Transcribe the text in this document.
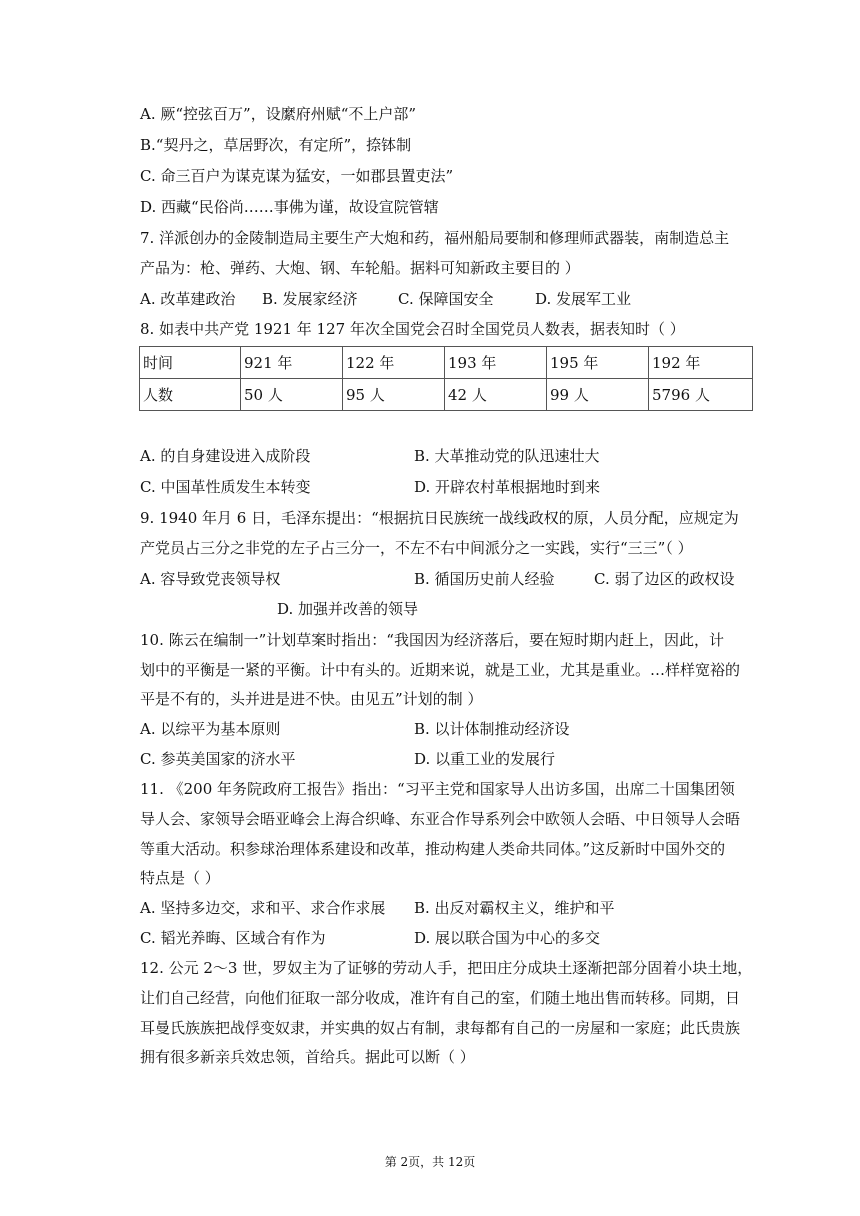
A. 厥“控弦百万”，设縻府州赋“不上户部”
B.“契丹之，草居野次，有定所”，捺钵制
C. 命三百户为谋克谋为猛安，一如郡县置吏法”
D. 西藏“民俗尚……事佛为谨，故设宣院管辖
7. 洋派创办的金陵制造局主要生产大炮和药，福州船局要制和修理师武器装，南制造总主
产品为：枪、弹药、大炮、钢、车轮船。据料可知新政主要目的 ）
A. 改革建政治 B. 发展家经济	C. 保障国安全	D. 发展军工业
8. 如表中共产党 1921 年 127 年次全国党会召时全国党员人数表，据表知时（ ）
时间	921 年	122 年	193 年	195 年	192 年
人数	50 人	95 人	42 人	99 人	5796 人
A. 的自身建设进入成阶段	B. 大革推动党的队迅速壮大
C. 中国革性质发生本转变	D. 开辟农村革根据地时到来
9. 1940 年月 6 日，毛泽东提出：“根据抗日民族统一战线政权的原，人员分配，应规定为
产党员占三分之非党的左子占三分一，不左不右中间派分之一实践，实行“三三”（ ）
A. 容导致党丧领导权	B. 循国历史前人经验	C. 弱了边区的政权设
D. 加强并改善的领导
10. 陈云在编制一”计划草案时指出：“我国因为经济落后，要在短时期内赶上，因此，计
划中的平衡是一紧的平衡。计中有头的。近期来说，就是工业，尤其是重业。…样样宽裕的
平是不有的，头并进是进不快。由见五”计划的制 ）
A. 以综平为基本原则	B. 以计体制推动经济设
C. 参英美国家的济水平	D. 以重工业的发展行
11. 《200 年务院政府工报告》指出：“习平主党和国家导人出访多国，出席二十国集团领
导人会、家领导会晤亚峰会上海合织峰、东亚合作导系列会中欧领人会晤、中日领导人会晤
等重大活动。积参球治理体系建设和改革，推动构建人类命共同体。”这反新时中国外交的
特点是（ ）
A. 坚持多边交，求和平、求合作求展 B. 出反对霸权主义，维护和平
C. 韬光养晦、区域合有作为	D. 展以联合国为中心的多交
12. 公元 2～3 世，罗奴主为了证够的劳动人手，把田庄分成块土逐渐把部分固着小块土地，
让们自己经营，向他们征取一部分收成，准许有自己的室，们随土地出售而转移。同期，日
耳曼氏族族把战俘变奴隶，并实典的奴占有制，隶每都有自己的一房屋和一家庭；此氏贵族
拥有很多新亲兵效忠领，首给兵。据此可以断（ ）
第 2页，共 12页
